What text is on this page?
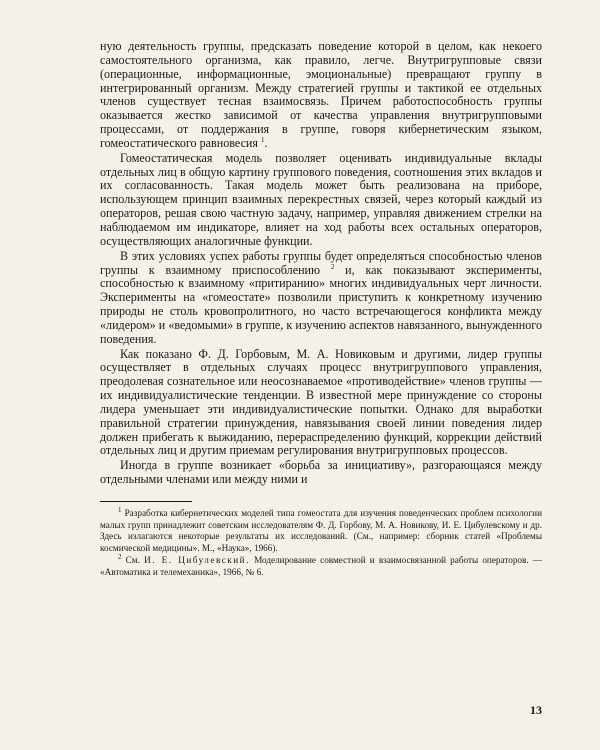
ную деятельность группы, предсказать поведение которой в целом, как некоего самостоятельного организма, как правило, легче. Внутригрупповые связи (операционные, информационные, эмоциональные) превращают группу в интегрированный организм. Между стратегией группы и тактикой ее отдельных членов существует тесная взаимосвязь. Причем работоспособность группы оказывается жестко зависимой от качества управления внутригрупповыми процессами, от поддержания в группе, говоря кибернетическим языком, гомеостатического равновесия $^1$.

Гомеостатическая модель позволяет оценивать индивидуальные вклады отдельных лиц в общую картину группового поведения, соотношения этих вкладов и их согласованность. Такая модель может быть реализована на приборе, использующем принцип взаимных перекрестных связей, через который каждый из операторов, решая свою частную задачу, например, управляя движением стрелки на наблюдаемом им индикаторе, влияет на ход работы всех остальных операторов, осуществляющих аналогичные функции.

В этих условиях успех работы группы будет определяться способностью членов группы к взаимному приспособлению $^2$ и, как показывают эксперименты, способностью к взаимному «притиранию» многих индивидуальных черт личности. Эксперименты на «гомеостате» позволили приступить к конкретному изучению природы не столь кровопролитного, но часто встречающегося конфликта между «лидером» и «ведомыми» в группе, к изучению аспектов навязанного, вынужденного поведения.

Как показано Ф. Д. Горбовым, М. А. Новиковым и другими, лидер группы осуществляет в отдельных случаях процесс внутригруппового управления, преодолевая сознательное или неосознаваемое «противодействие» членов группы — их индивидуалистические тенденции. В известной мере принуждение со стороны лидера уменьшает эти индивидуалистические попытки. Однако для выработки правильной стратегии принуждения, навязывания своей линии поведения лидер должен прибегать к выжиданию, перераспределению функций, коррекции действий отдельных лиц и другим приемам регулирования внутригрупповых процессов.

Иногда в группе возникает «борьба за инициативу», разгорающаяся между отдельными членами или между ними и

$^1$ Разработка кибернетических моделей типа гомеостата для изучения поведенческих проблем психологии малых групп принадлежит советским исследователям Ф. Д. Горбову, М. А. Новикову, И. Е. Цибулевскому и др. Здесь излагаются некоторые результаты их исследований. (См., например: сборник статей «Проблемы космической медицины». М., «Наука», 1966).

$^2$ См. И. Е. Цибулевский. Моделирование совместной и взаимосвязанной работы операторов. — «Автоматика и телемеханика», 1966, № 6.

13
